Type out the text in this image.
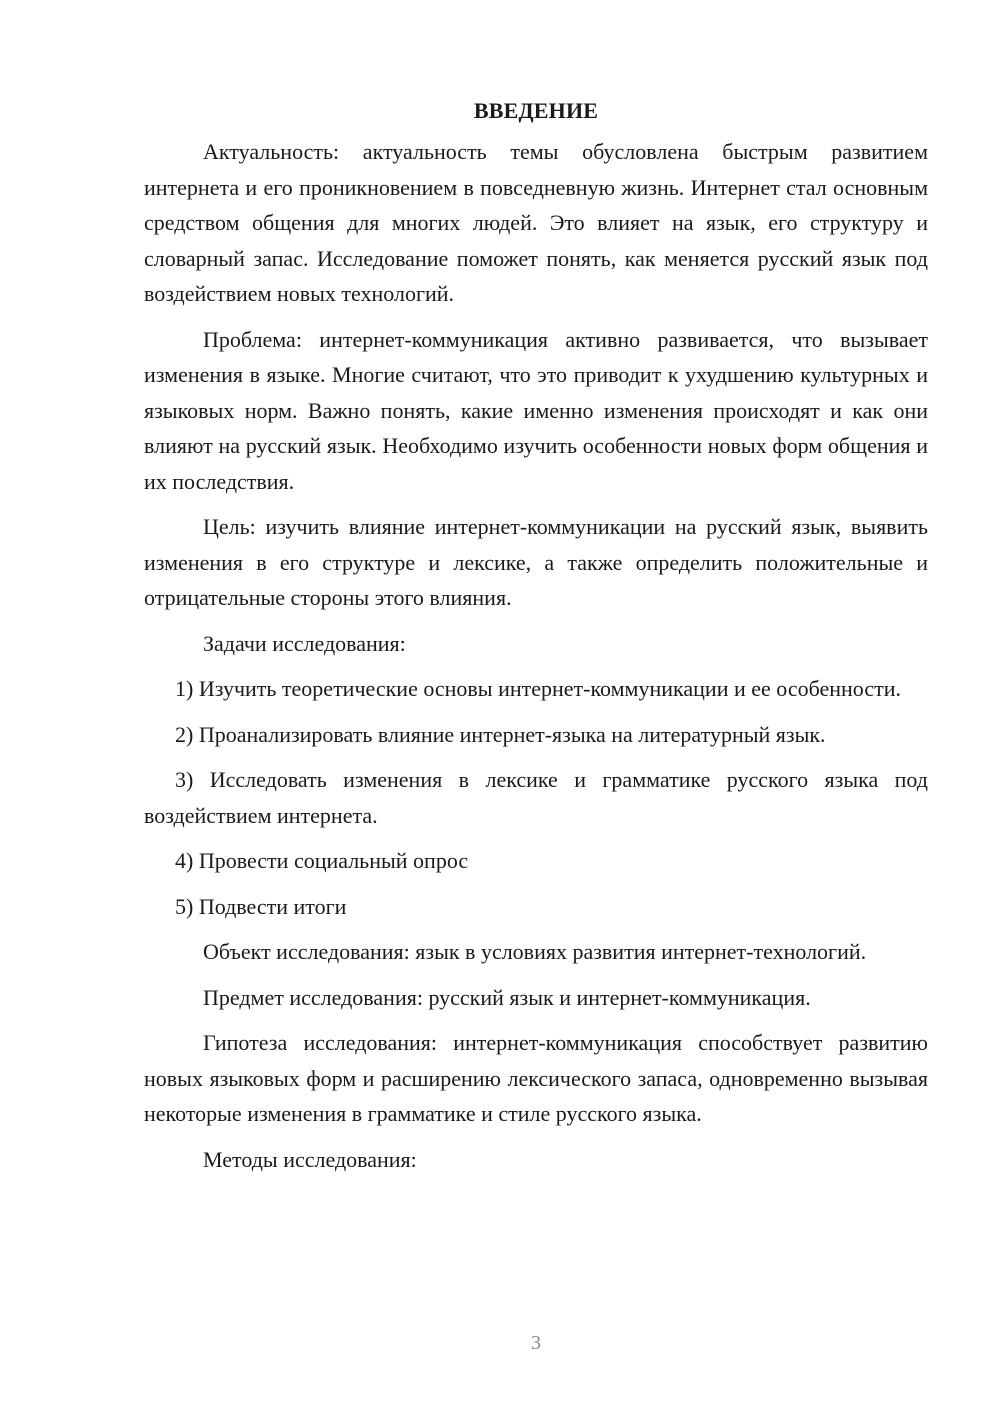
ВВЕДЕНИЕ

Актуальность: актуальность темы обусловлена быстрым развитием интернета и его проникновением в повседневную жизнь. Интернет стал основным средством общения для многих людей. Это влияет на язык, его структуру и словарный запас. Исследование поможет понять, как меняется русский язык под воздействием новых технологий.

Проблема: интернет-коммуникация активно развивается, что вызывает изменения в языке. Многие считают, что это приводит к ухудшению культурных и языковых норм. Важно понять, какие именно изменения происходят и как они влияют на русский язык. Необходимо изучить особенности новых форм общения и их последствия.

Цель: изучить влияние интернет-коммуникации на русский язык, выявить изменения в его структуре и лексике, а также определить положительные и отрицательные стороны этого влияния.

Задачи исследования:

1) Изучить теоретические основы интернет-коммуникации и ее особенности.

2) Проанализировать влияние интернет-языка на литературный язык.

3) Исследовать изменения в лексике и грамматике русского языка под воздействием интернета.

4) Провести социальный опрос

5) Подвести итоги

Объект исследования: язык в условиях развития интернет-технологий.

Предмет исследования: русский язык и интернет-коммуникация.

Гипотеза исследования: интернет-коммуникация способствует развитию новых языковых форм и расширению лексического запаса, одновременно вызывая некоторые изменения в грамматике и стиле русского языка.

Методы исследования:

3
